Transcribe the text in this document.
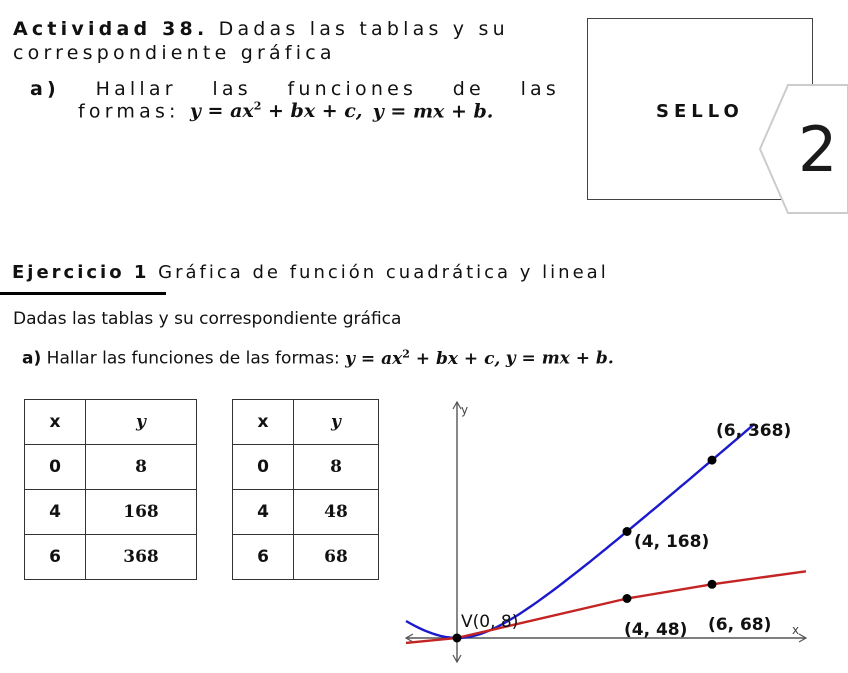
Actividad 38. Dadas las tablas y su
correspondiente gráfica
a) Hallar las funciones de las
formas: $y = ax^2$ + bx + c, y = mx + b.	SELLO
2
Ejercicio 1 Gráfica de función cuadrática y lineal
Dadas las tablas y su correspondiente gráfica
a) Hallar las funciones de las formas: $y = ax^2$ + bx + c, y = mx + b.
x	y
0	8
4	168
6	368
x	y
0	8
4	48
6	68
y
x
V(0, 8)
(4, 168)
(6, 368)
(4, 48) (6, 68)
